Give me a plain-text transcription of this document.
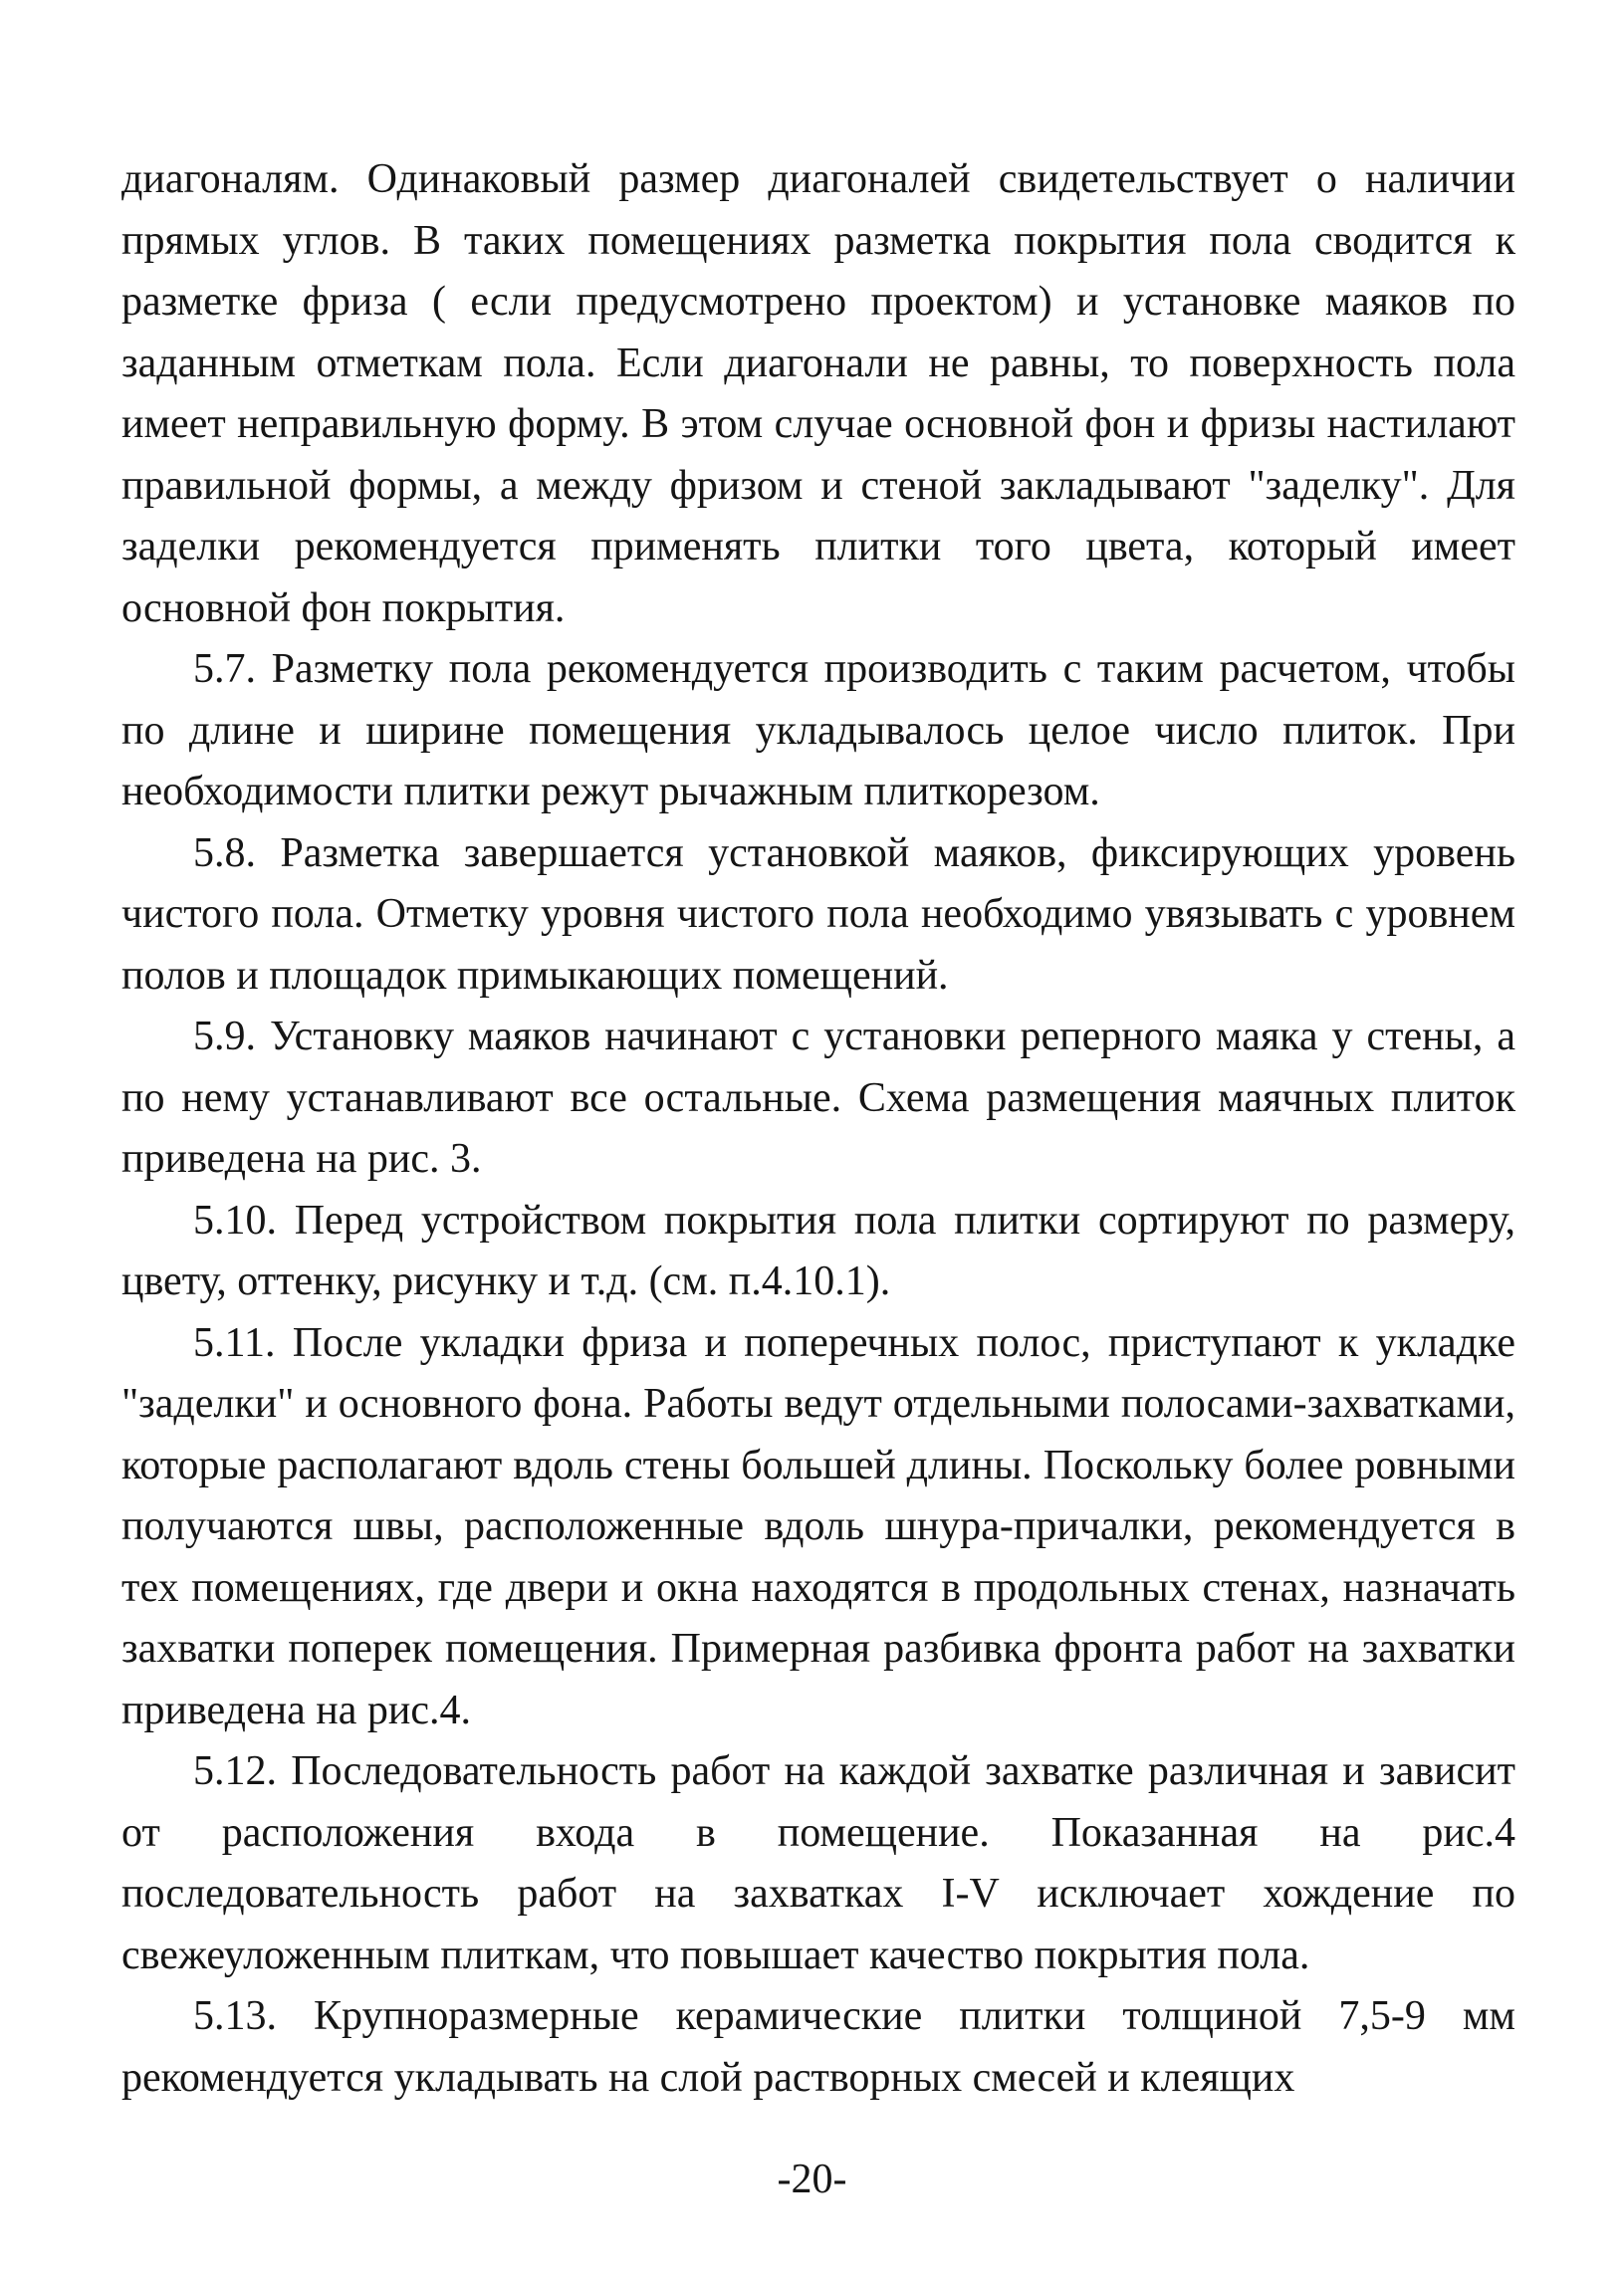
диагоналям. Одинаковый размер диагоналей свидетельствует о наличии прямых углов. В таких помещениях разметка покрытия пола сводится к разметке фриза ( если предусмотрено проектом) и установке маяков по заданным отметкам пола. Если диагонали не равны, то поверхность пола имеет неправильную форму. В этом случае основной фон и фризы настилают правильной формы, а между фризом и стеной закладывают "заделку". Для заделки рекомендуется применять плитки того цвета, который имеет основной фон покрытия.

5.7. Разметку пола рекомендуется производить с таким расчетом, чтобы по длине и ширине помещения укладывалось целое число плиток. При необходимости плитки режут рычажным плиткорезом.

5.8. Разметка завершается установкой маяков, фиксирующих уровень чистого пола. Отметку уровня чистого пола необходимо увязывать с уровнем полов и площадок примыкающих помещений.

5.9. Установку маяков начинают с установки реперного маяка у стены, а по нему устанавливают все остальные. Схема размещения маячных плиток приведена на рис. 3.

5.10. Перед устройством покрытия пола плитки сортируют по размеру, цвету, оттенку, рисунку и т.д. (см. п.4.10.1).

5.11. После укладки фриза и поперечных полос, приступают к укладке "заделки" и основного фона. Работы ведут отдельными полосами-захватками, которые располагают вдоль стены большей длины. Поскольку более ровными получаются швы, расположенные вдоль шнура-причалки, рекомендуется в тех помещениях, где двери и окна находятся в продольных стенах, назначать захватки поперек помещения. Примерная разбивка фронта работ на захватки приведена на рис.4.

5.12. Последовательность работ на каждой захватке различная и зависит от расположения входа в помещение. Показанная на рис.4 последовательность работ на захватках I-V исключает хождение по свежеуложенным плиткам, что повышает качество покрытия пола.

5.13. Крупноразмерные керамические плитки толщиной 7,5-9 мм рекомендуется укладывать на слой растворных смесей и клеящих

-20-
